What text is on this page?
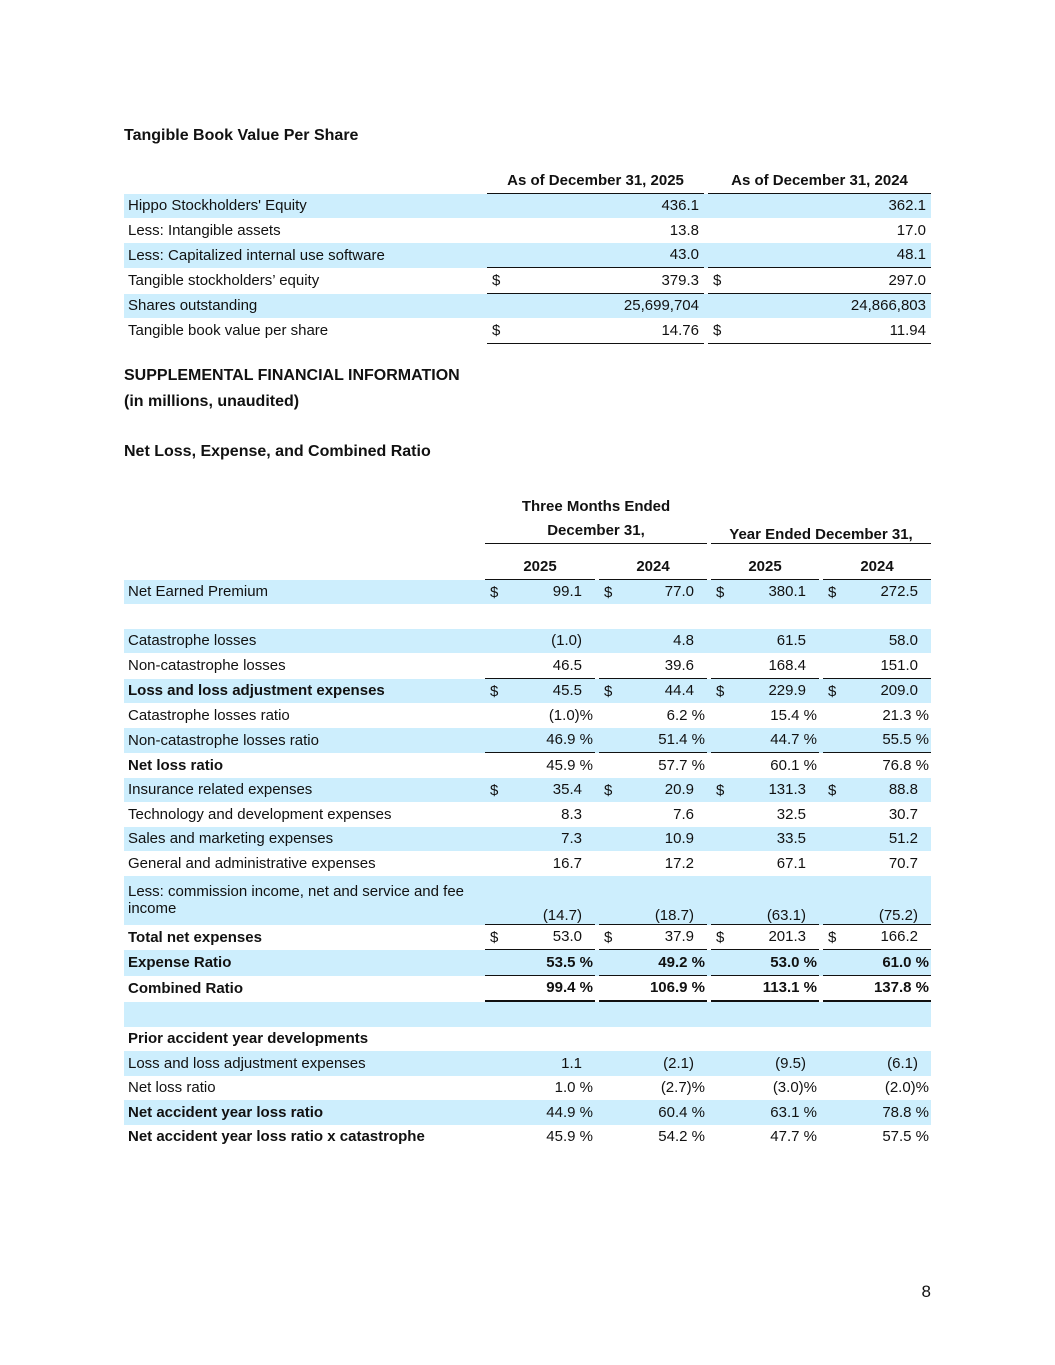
Tangible Book Value Per Share
	As of December 31, 2025		As of December 31, 2024
Hippo Stockholders' Equity	436.1		362.1
Less: Intangible assets	13.8		17.0
Less: Capitalized internal use software	43.0		48.1
Tangible stockholders’ equity	$ 379.3		$ 297.0
Shares outstanding	25,699,704		24,866,803
Tangible book value per share	$ 14.76		$ 11.94
SUPPLEMENTAL FINANCIAL INFORMATION
(in millions, unaudited)
Net Loss, Expense, and Combined Ratio
	Three Months Ended December 31,				Year Ended December 31,		

	2025		2024		2025		2024
Net Earned Premium	$ 99.1		$ 77.0		$ 380.1		$ 272.5

Catastrophe losses	(1.0)		4.8		61.5		58.0
Non-catastrophe losses	46.5		39.6		168.4		151.0
Loss and loss adjustment expenses	$ 45.5		$ 44.4		$ 229.9		$ 209.0
Catastrophe losses ratio	(1.0)%		6.2 %		15.4 %		21.3 %
Non-catastrophe losses ratio	46.9 %		51.4 %		44.7 %		55.5 %
Net loss ratio	45.9 %		57.7 %		60.1 %		76.8 %
Insurance related expenses	$ 35.4		$ 20.9		$ 131.3		$ 88.8
Technology and development expenses	8.3		7.6		32.5		30.7
Sales and marketing expenses	7.3		10.9		33.5		51.2
General and administrative expenses	16.7		17.2		67.1		70.7
Less: commission income, net and service and fee income	(14.7)		(18.7)		(63.1)		(75.2)
Total net expenses	$ 53.0		$ 37.9		$ 201.3		$ 166.2
Expense Ratio	53.5 %		49.2 %		53.0 %		61.0 %
Combined Ratio	99.4 %		106.9 %		113.1 %		137.8 %

Prior accident year developments							
Loss and loss adjustment expenses	1.1		(2.1)		(9.5)		(6.1)
Net loss ratio	1.0 %		(2.7)%		(3.0)%		(2.0)%
Net accident year loss ratio	44.9 %		60.4 %		63.1 %		78.8 %
Net accident year loss ratio x catastrophe	45.9 %		54.2 %		47.7 %		57.5 %
8
